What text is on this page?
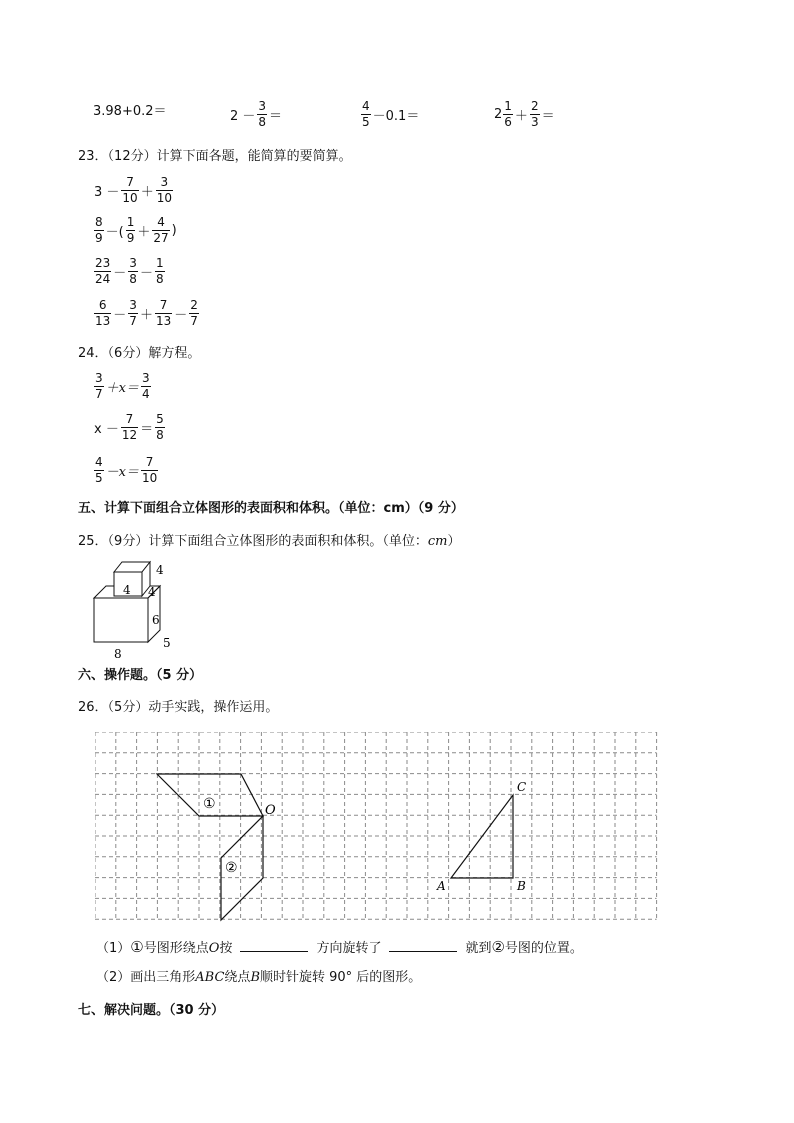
3.98+0.2＝	$2 - \frac{3}{8}$ ＝	$\frac{4}{5} -0.1=$	$2 \frac{1}{6} + \frac{2}{3}$ ＝
23．（12分）计算下面各题，能简算的要简算。
$3 - \frac{7}{10} + \frac{3}{10}$
$\frac{8}{9}$ －( $\frac{1}{9} + \frac{4}{27}$ )
$\frac{23}{24} - \frac{3}{8} - \frac{1}{8}$
$\frac{6}{13} - \frac{3}{7} + \frac{7}{13} - \frac{2}{7}$
24．（6分）解方程。
$\frac{3}{7} +x= \frac{3}{4}$
$x - \frac{7}{12} = \frac{5}{8}$
$\frac{4}{5} -x= \frac{7}{10}$
五、计算下面组合立体图形的表面积和体积。（单位：cm）（9 分）
25．（9分）计算下面组合立体图形的表面积和体积。（单位：cm）
4
4 4
6
5
8
六、操作题。（5 分）
26．（5分）动手实践，操作运用。
①
②
O
A	B
C
（1）①号图形绕点O按	方向旋转了	就到②号图的位置。
（2）画出三角形ABC绕点B顺时针旋转 90° 后的图形。
七、解决问题。（30 分）
